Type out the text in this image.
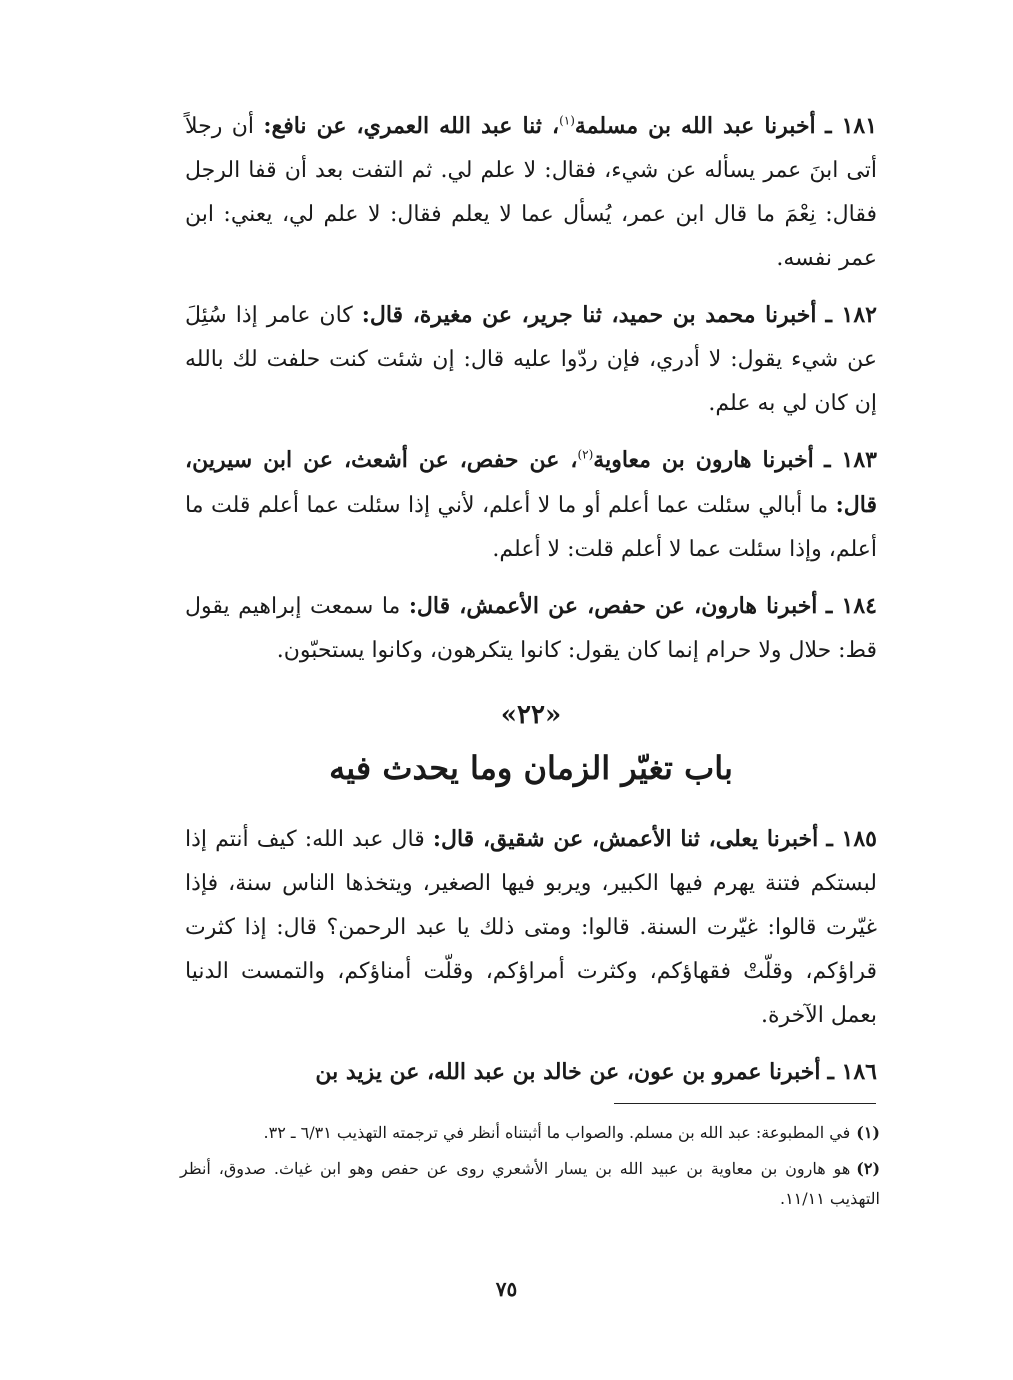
١٨١ ـ أخبرنا عبد الله بن مسلمة$^{(١)}$، ثنا عبد الله العمري، عن نافع: أن رجلاً أتى ابنَ عمر يسأله عن شيء، فقال: لا علم لي. ثم التفت بعد أن قفا الرجل فقال: نِعْمَ ما قال ابن عمر، يُسأل عما لا يعلم فقال: لا علم لي، يعني: ابن عمر نفسه.

١٨٢ ـ أخبرنا محمد بن حميد، ثنا جرير، عن مغيرة، قال: كان عامر إذا سُئِلَ عن شيء يقول: لا أدري، فإن ردّوا عليه قال: إن شئت كنت حلفت لك بالله إن كان لي به علم.

١٨٣ ـ أخبرنا هارون بن معاوية$^{(٢)}$، عن حفص، عن أشعث، عن ابن سيرين، قال: ما أبالي سئلت عما أعلم أو ما لا أعلم، لأني إذا سئلت عما أعلم قلت ما أعلم، وإذا سئلت عما لا أعلم قلت: لا أعلم.

١٨٤ ـ أخبرنا هارون، عن حفص، عن الأعمش، قال: ما سمعت إبراهيم يقول قط: حلال ولا حرام إنما كان يقول: كانوا يتكرهون، وكانوا يستحبّون.

«٢٢»
باب تغيّر الزمان وما يحدث فيه

١٨٥ ـ أخبرنا يعلى، ثنا الأعمش، عن شقيق، قال: قال عبد الله: كيف أنتم إذا لبستكم فتنة يهرم فيها الكبير، ويربو فيها الصغير، ويتخذها الناس سنة، فإذا غيّرت قالوا: غيّرت السنة. قالوا: ومتى ذلك يا عبد الرحمن؟ قال: إذا كثرت قراؤكم، وقلّتْ فقهاؤكم، وكثرت أمراؤكم، وقلّت أمناؤكم، والتمست الدنيا بعمل الآخرة.

١٨٦ ـ أخبرنا عمرو بن عون، عن خالد بن عبد الله، عن يزيد بن

(١)في المطبوعة: عبد الله بن مسلم. والصواب ما أثبتناه أنظر في ترجمته التهذيب ٦/٣١ ـ ٣٢.

(٢)هو هارون بن معاوية بن عبيد الله بن يسار الأشعري روى عن حفص وهو ابن غياث. صدوق، أنظر التهذيب ١١/١١.

٧٥
